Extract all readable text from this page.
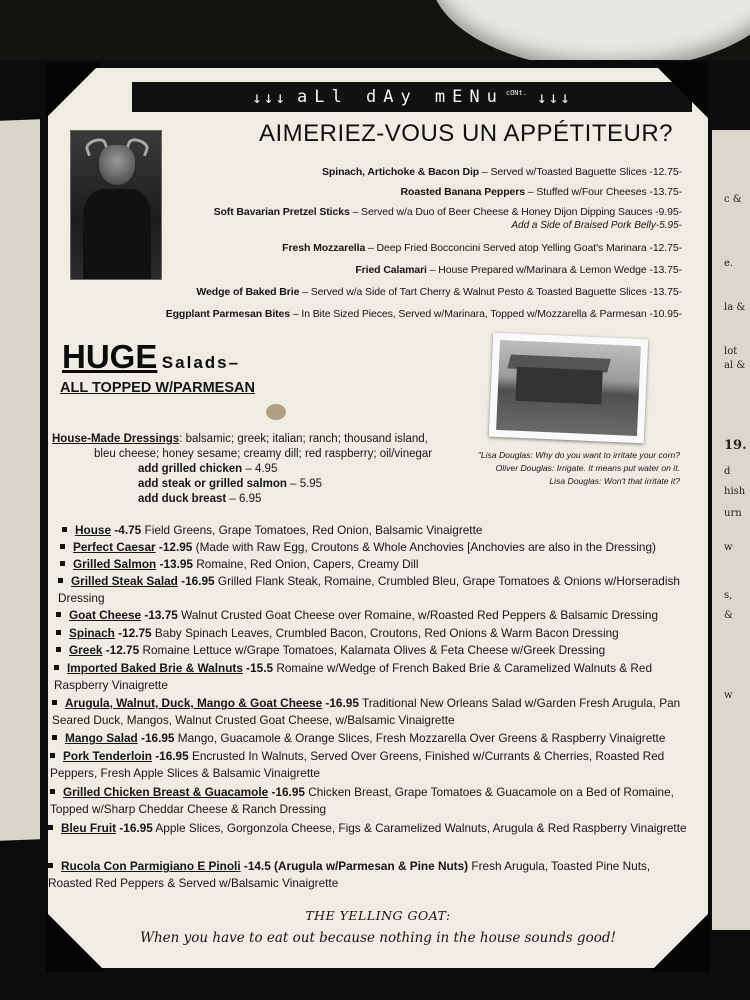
c &
e.
la &
lot
al &
19.
d
hish
urn
w
s,
&
w
↓↓↓ aLl dAy mENu $^{cONt.}$ ↓↓↓
AIMERIEZ-VOUS UN APPÉTITEUR?
Spinach, Artichoke & Bacon Dip – Served w/Toasted Baguette Slices -12.75-
Roasted Banana Peppers – Stuffed w/Four Cheeses -13.75-
Soft Bavarian Pretzel Sticks – Served w/a Duo of Beer Cheese & Honey Dijon Dipping Sauces -9.95-
Add a Side of Braised Pork Belly-5.95-
Fresh Mozzarella – Deep Fried Bocconcini Served atop Yelling Goat's Marinara -12.75-
Fried Calamari – House Prepared w/Marinara & Lemon Wedge -13.75-
Wedge of Baked Brie – Served w/a Side of Tart Cherry & Walnut Pesto & Toasted Baguette Slices -13.75-
Eggplant Parmesan Bites – In Bite Sized Pieces, Served w/Marinara, Topped w/Mozzarella & Parmesan -10.95-
HUGE Salads–
ALL TOPPED W/PARMESAN
"Lisa Douglas: Why do you want to irritate your corn?
Oliver Douglas: Irrigate. It means put water on it.
Lisa Douglas: Won't that irritate it?
House-Made Dressings: balsamic; greek; italian; ranch; thousand island,
bleu cheese; honey sesame; creamy dill; red raspberry; oil/vinegar
add grilled chicken – 4.95
add steak or grilled salmon – 5.95
add duck breast – 6.95
House -4.75 Field Greens, Grape Tomatoes, Red Onion, Balsamic Vinaigrette
Perfect Caesar -12.95 (Made with Raw Egg, Croutons & Whole Anchovies [Anchovies are also in the Dressing)
Grilled Salmon -13.95 Romaine, Red Onion, Capers, Creamy Dill
Grilled Steak Salad -16.95 Grilled Flank Steak, Romaine, Crumbled Bleu, Grape Tomatoes & Onions w/Horseradish Dressing
Goat Cheese -13.75 Walnut Crusted Goat Cheese over Romaine, w/Roasted Red Peppers & Balsamic Dressing
Spinach -12.75 Baby Spinach Leaves, Crumbled Bacon, Croutons, Red Onions & Warm Bacon Dressing
Greek -12.75 Romaine Lettuce w/Grape Tomatoes, Kalamata Olives & Feta Cheese w/Greek Dressing
Imported Baked Brie & Walnuts -15.5 Romaine w/Wedge of French Baked Brie & Caramelized Walnuts & Red Raspberry Vinaigrette
Arugula, Walnut, Duck, Mango & Goat Cheese -16.95 Traditional New Orleans Salad w/Garden Fresh Arugula, Pan Seared Duck, Mangos, Walnut Crusted Goat Cheese, w/Balsamic Vinaigrette
Mango Salad -16.95 Mango, Guacamole & Orange Slices, Fresh Mozzarella Over Greens & Raspberry Vinaigrette
Pork Tenderloin -16.95 Encrusted In Walnuts, Served Over Greens, Finished w/Currants & Cherries, Roasted Red Peppers, Fresh Apple Slices & Balsamic Vinaigrette
Grilled Chicken Breast & Guacamole -16.95 Chicken Breast, Grape Tomatoes & Guacamole on a Bed of Romaine, Topped w/Sharp Cheddar Cheese & Ranch Dressing
Bleu Fruit -16.95 Apple Slices, Gorgonzola Cheese, Figs & Caramelized Walnuts, Arugula & Red Raspberry Vinaigrette
Rucola Con Parmigiano E Pinoli -14.5 (Arugula w/Parmesan & Pine Nuts) Fresh Arugula, Toasted Pine Nuts, Roasted Red Peppers & Served w/Balsamic Vinaigrette
THE YELLING GOAT:
When you have to eat out because nothing in the house sounds good!
